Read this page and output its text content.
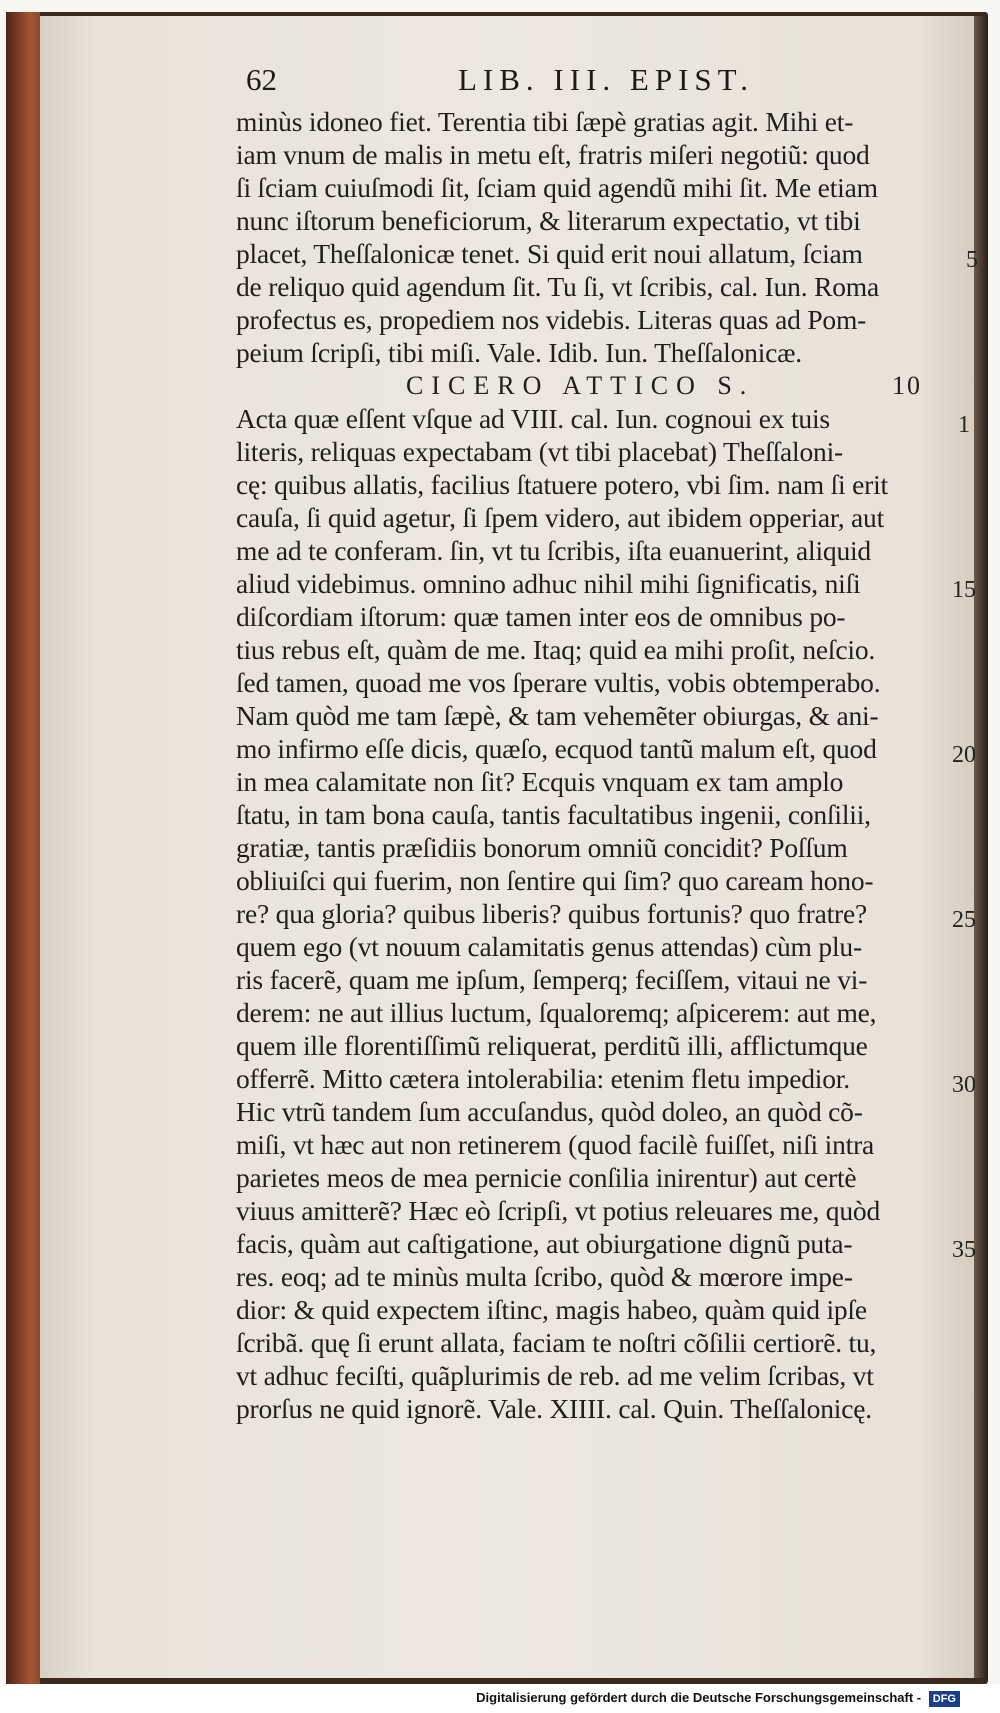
62	LIB. III. EPIST.
minùs idoneo fiet. Terentia tibi ſæpè gratias agit. Mihi et-
iam vnum de malis in metu eſt, fratris miſeri negotiũ: quod
ſi ſciam cuiuſmodi ſit, ſciam quid agendũ mihi ſit. Me etiam
nunc iſtorum beneficiorum, & literarum expectatio, vt tibi
placet, Theſſalonicæ tenet. Si quid erit noui allatum, ſciam
de reliquo quid agendum ſit. Tu ſi, vt ſcribis, cal. Iun. Roma
profectus es, propediem nos videbis. Literas quas ad Pom-
peium ſcripſi, tibi miſi. Vale. Idib. Iun. Theſſalonicæ.
CICERO ATTICO S.	10
Acta quæ eſſent vſque ad VIII. cal. Iun. cognoui ex tuis
literis, reliquas expectabam (vt tibi placebat) Theſſaloni-
cę: quibus allatis, facilius ſtatuere potero, vbi ſim. nam ſi erit
cauſa, ſi quid agetur, ſi ſpem videro, aut ibidem opperiar, aut
me ad te conferam. ſin, vt tu ſcribis, iſta euanuerint, aliquid
aliud videbimus. omnino adhuc nihil mihi ſignificatis, niſi
diſcordiam iſtorum: quæ tamen inter eos de omnibus po-
tius rebus eſt, quàm de me. Itaq; quid ea mihi proſit, neſcio.
ſed tamen, quoad me vos ſperare vultis, vobis obtemperabo.
Nam quòd me tam ſæpè, & tam vehemẽter obiurgas, & ani-
mo infirmo eſſe dicis, quæſo, ecquod tantũ malum eſt, quod
in mea calamitate non ſit? Ecquis vnquam ex tam amplo
ſtatu, in tam bona cauſa, tantis facultatibus ingenii, conſilii,
gratiæ, tantis præſidiis bonorum omniũ concidit? Poſſum
obliuiſci qui fuerim, non ſentire qui ſim? quo caream hono-
re? qua gloria? quibus liberis? quibus fortunis? quo fratre?
quem ego (vt nouum calamitatis genus attendas) cùm plu-
ris facerẽ, quam me ipſum, ſemperq; feciſſem, vitaui ne vi-
derem: ne aut illius luctum, ſqualoremq; aſpicerem: aut me,
quem ille florentiſſimũ reliquerat, perditũ illi, afflictumque
offerrẽ. Mitto cætera intolerabilia: etenim fletu impedior.
Hic vtrũ tandem ſum accuſandus, quòd doleo, an quòd cõ-
miſi, vt hæc aut non retinerem (quod facilè fuiſſet, niſi intra
parietes meos de mea pernicie conſilia inirentur) aut certè
viuus amitterẽ? Hæc eò ſcripſi, vt potius releuares me, quòd
facis, quàm aut caſtigatione, aut obiurgatione dignũ puta-
res. eoq; ad te minùs multa ſcribo, quòd & mœrore impe-
dior: & quid expectem iſtinc, magis habeo, quàm quid ipſe
ſcribã. quę ſi erunt allata, faciam te noſtri cõſilii certiorẽ. tu,
vt adhuc feciſti, quãplurimis de reb. ad me velim ſcribas, vt
prorſus ne quid ignorẽ. Vale. XIIII. cal. Quin. Theſſalonicę.
5
1
15
20
25
30
35
Digitalisierung gefördert durch die Deutsche Forschungsgemeinschaft - DFG
